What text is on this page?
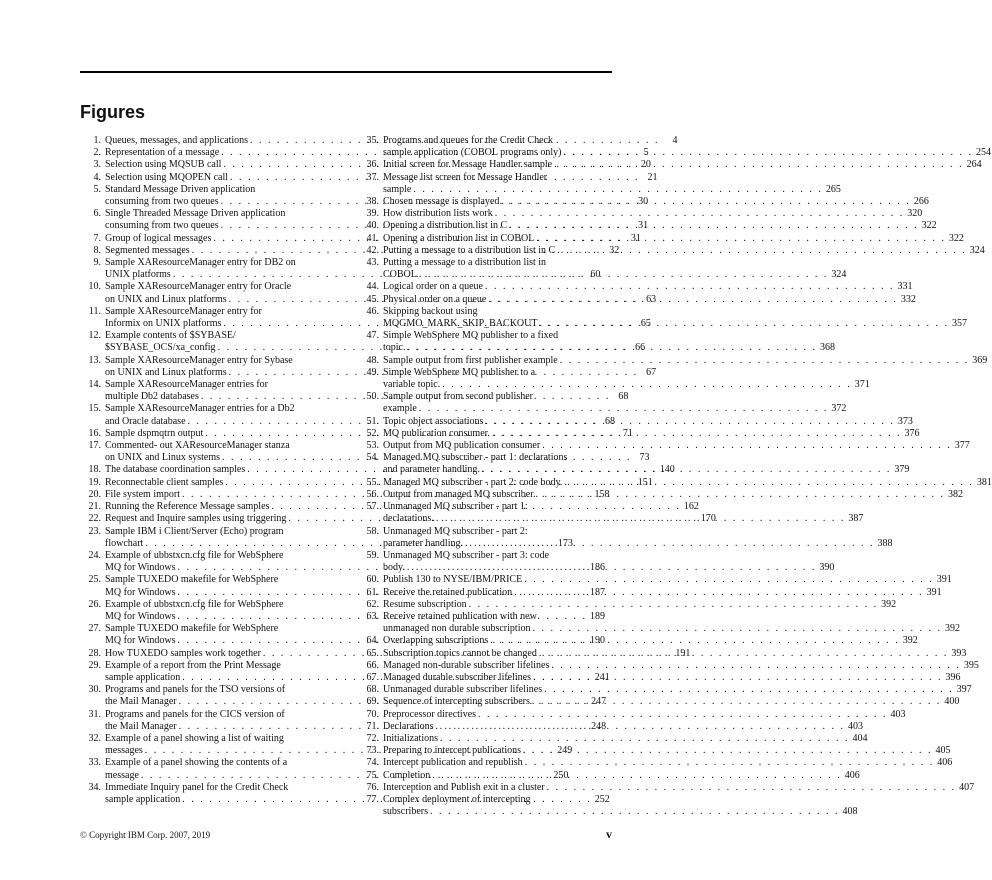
Figures
1. Queues, messages, and applications . . .	4
2. Representation of a message . . .	5
3. Selection using MQSUB call . . .	20
4. Selection using MQOPEN call . . .	21
5. Standard Message Driven application
consuming from two queues . . .	30
6. Single Threaded Message Driven application
consuming from two queues . . .	31
7. Group of logical messages . . .	31
8. Segmented messages . . .	32
9. Sample XAResourceManager entry for DB2 on
UNIX platforms . . .	60
10. Sample XAResourceManager entry for Oracle
on UNIX and Linux platforms . . .	63
11. Sample XAResourceManager entry for
Informix on UNIX platforms . . .	65
12. Example contents of $SYBASE/
$SYBASE_OCS/xa_config . . .	66
13. Sample XAResourceManager entry for Sybase
on UNIX and Linux platforms . . .	67
14. Sample XAResourceManager entries for
multiple Db2 databases . . .	68
15. Sample XAResourceManager entries for a Db2
and Oracle database . . .	68
16. Sample dspmqtrn output . . .	71
17. Commented- out XAResourceManager stanza
on UNIX and Linux systems . . .	73
18. The database coordination samples . . .	140
19. Reconnectable client samples . . .	151
20. File system import . . .	158
21. Running the Reference Message samples . . .	162
22. Request and Inquire samples using triggering . . .	170
23. Sample IBM i Client/Server (Echo) program
flowchart . . .	173
24. Example of ubbstxcn.cfg file for WebSphere
MQ for Windows . . .	186
25. Sample TUXEDO makefile for WebSphere
MQ for Windows . . .	187
26. Example of ubbstxcn.cfg file for WebSphere
MQ for Windows . . .	189
27. Sample TUXEDO makefile for WebSphere
MQ for Windows . . .	190
28. How TUXEDO samples work together . . .	191
29. Example of a report from the Print Message
sample application . . .	241
30. Programs and panels for the TSO versions of
the Mail Manager . . .	247
31. Programs and panels for the CICS version of
the Mail Manager . . .	248
32. Example of a panel showing a list of waiting
messages . . .	249
33. Example of a panel showing the contents of a
message . . .	250
34. Immediate Inquiry panel for the Credit Check
sample application . . .	252
35. Programs and queues for the Credit Check
sample application (COBOL programs only) . . .	254
36. Initial screen for Message Handler sample . . .	264
37. Message list screen for Message Handler
sample . . .	265
38. Chosen message is displayed . . .	266
39. How distribution lists work . . .	320
40. Opening a distribution list in C . . .	322
41. Opening a distribution list in COBOL . . .	322
42. Putting a message to a distribution list in C . . .	324
43. Putting a message to a distribution list in
COBOL . . .	324
44. Logical order on a queue . . .	331
45. Physical order on a queue . . .	332
46. Skipping backout using
MQGMO_MARK_SKIP_BACKOUT . . .	357
47. Simple WebSphere MQ publisher to a fixed
topic. . . .	368
48. Sample output from first publisher example . . .	369
49. Simple WebSphere MQ publisher to a
variable topic. . . .	371
50. Sample output from second publisher
example . . .	372
51. Topic object associations . . .	373
52. MQ publication consumer. . . .	376
53. Output from MQ publication consumer . . .	377
54. Managed MQ subscriber - part 1: declarations
and parameter handling. . . .	379
55. Managed MQ subscriber - part 2: code body. . . .	381
56. Output from managed MQ subscriber . . .	382
57. Unmanaged MQ subscriber - part 1:
declarations. . . .	387
58. Unmanaged MQ subscriber - part 2:
parameter handling. . . .	388
59. Unmanaged MQ subscriber - part 3: code
body. . . .	390
60. Publish 130 to NYSE/IBM/PRICE . . .	391
61. Receive the retained publication . . .	391
62. Resume subscription . . .	392
63. Receive retained publication with new
unmanaged non durable subscription . . .	392
64. Overlapping subscriptions . . .	392
65. Subscription topics cannot be changed . . .	393
66. Managed non-durable subscriber lifelines . . .	395
67. Managed durable subscriber lifelines . . .	396
68. Unmanaged durable subscriber lifelines . . .	397
69. Sequence of intercepting subscribers . . .	400
70. Preprocessor directives . . .	403
71. Declarations . . .	403
72. Initializations . . .	404
73. Preparing to intercept publications . . .	405
74. Intercept publication and republish . . .	406
75. Completion . . .	406
76. Interception and Publish exit in a cluster . . .	407
77. Complex deployment of intercepting
subscribers . . .	408
© Copyright IBM Corp. 2007, 2019	v
